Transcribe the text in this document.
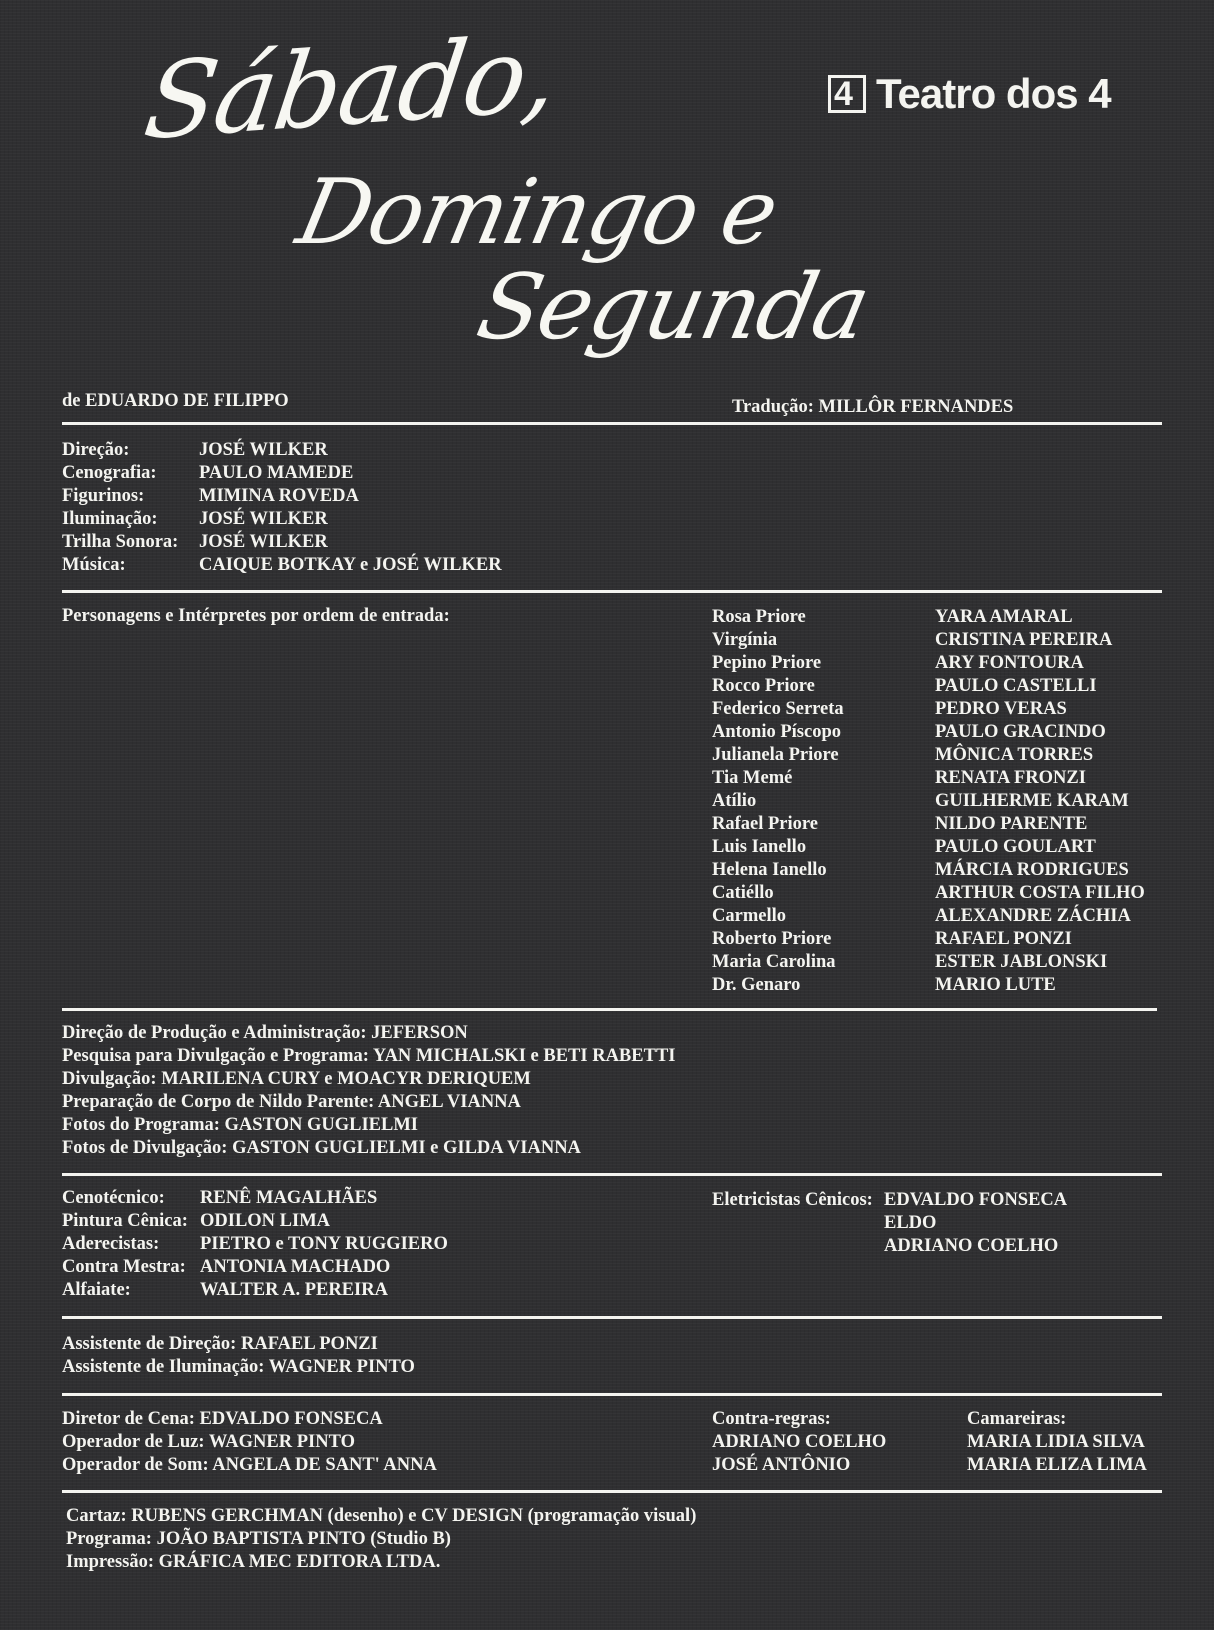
Sábado,
Domingo e
Segunda
4 Teatro dos 4
de EDUARDO DE FILIPPO	Tradução: MILLÔR FERNANDES
Direção:
Cenografia:
Figurinos:
Iluminação:
Trilha Sonora:
Música:
JOSÉ WILKER
PAULO MAMEDE
MIMINA ROVEDA
JOSÉ WILKER
JOSÉ WILKER
CAIQUE BOTKAY e JOSÉ WILKER
Personagens e Intérpretes por ordem de entrada:	Rosa Priore
Virgínia
Pepino Priore
Rocco Priore
Federico Serreta
Antonio Píscopo
Julianela Priore
Tia Memé
Atílio
Rafael Priore
Luis Ianello
Helena Ianello
Catiéllo
Carmello
Roberto Priore
Maria Carolina
Dr. Genaro
YARA AMARAL
CRISTINA PEREIRA
ARY FONTOURA
PAULO CASTELLI
PEDRO VERAS
PAULO GRACINDO
MÔNICA TORRES
RENATA FRONZI
GUILHERME KARAM
NILDO PARENTE
PAULO GOULART
MÁRCIA RODRIGUES
ARTHUR COSTA FILHO
ALEXANDRE ZÁCHIA
RAFAEL PONZI
ESTER JABLONSKI
MARIO LUTE
Direção de Produção e Administração: JEFERSON
Pesquisa para Divulgação e Programa: YAN MICHALSKI e BETI RABETTI
Divulgação: MARILENA CURY e MOACYR DERIQUEM
Preparação de Corpo de Nildo Parente: ANGEL VIANNA
Fotos do Programa: GASTON GUGLIELMI
Fotos de Divulgação: GASTON GUGLIELMI e GILDA VIANNA
Cenotécnico:
Pintura Cênica:
Aderecistas:
Contra Mestra:
Alfaiate:
RENÊ MAGALHÃES
ODILON LIMA
PIETRO e TONY RUGGIERO
ANTONIA MACHADO
WALTER A. PEREIRA
Eletricistas Cênicos: EDVALDO FONSECA
ELDO
ADRIANO COELHO
Assistente de Direção: RAFAEL PONZI
Assistente de Iluminação: WAGNER PINTO
Diretor de Cena: EDVALDO FONSECA
Operador de Luz: WAGNER PINTO
Operador de Som: ANGELA DE SANT' ANNA
Contra-regras:
ADRIANO COELHO
JOSÉ ANTÔNIO
Camareiras:
MARIA LIDIA SILVA
MARIA ELIZA LIMA
Cartaz: RUBENS GERCHMAN (desenho) e CV DESIGN (programação visual)
Programa: JOÃO BAPTISTA PINTO (Studio B)
Impressão: GRÁFICA MEC EDITORA LTDA.
